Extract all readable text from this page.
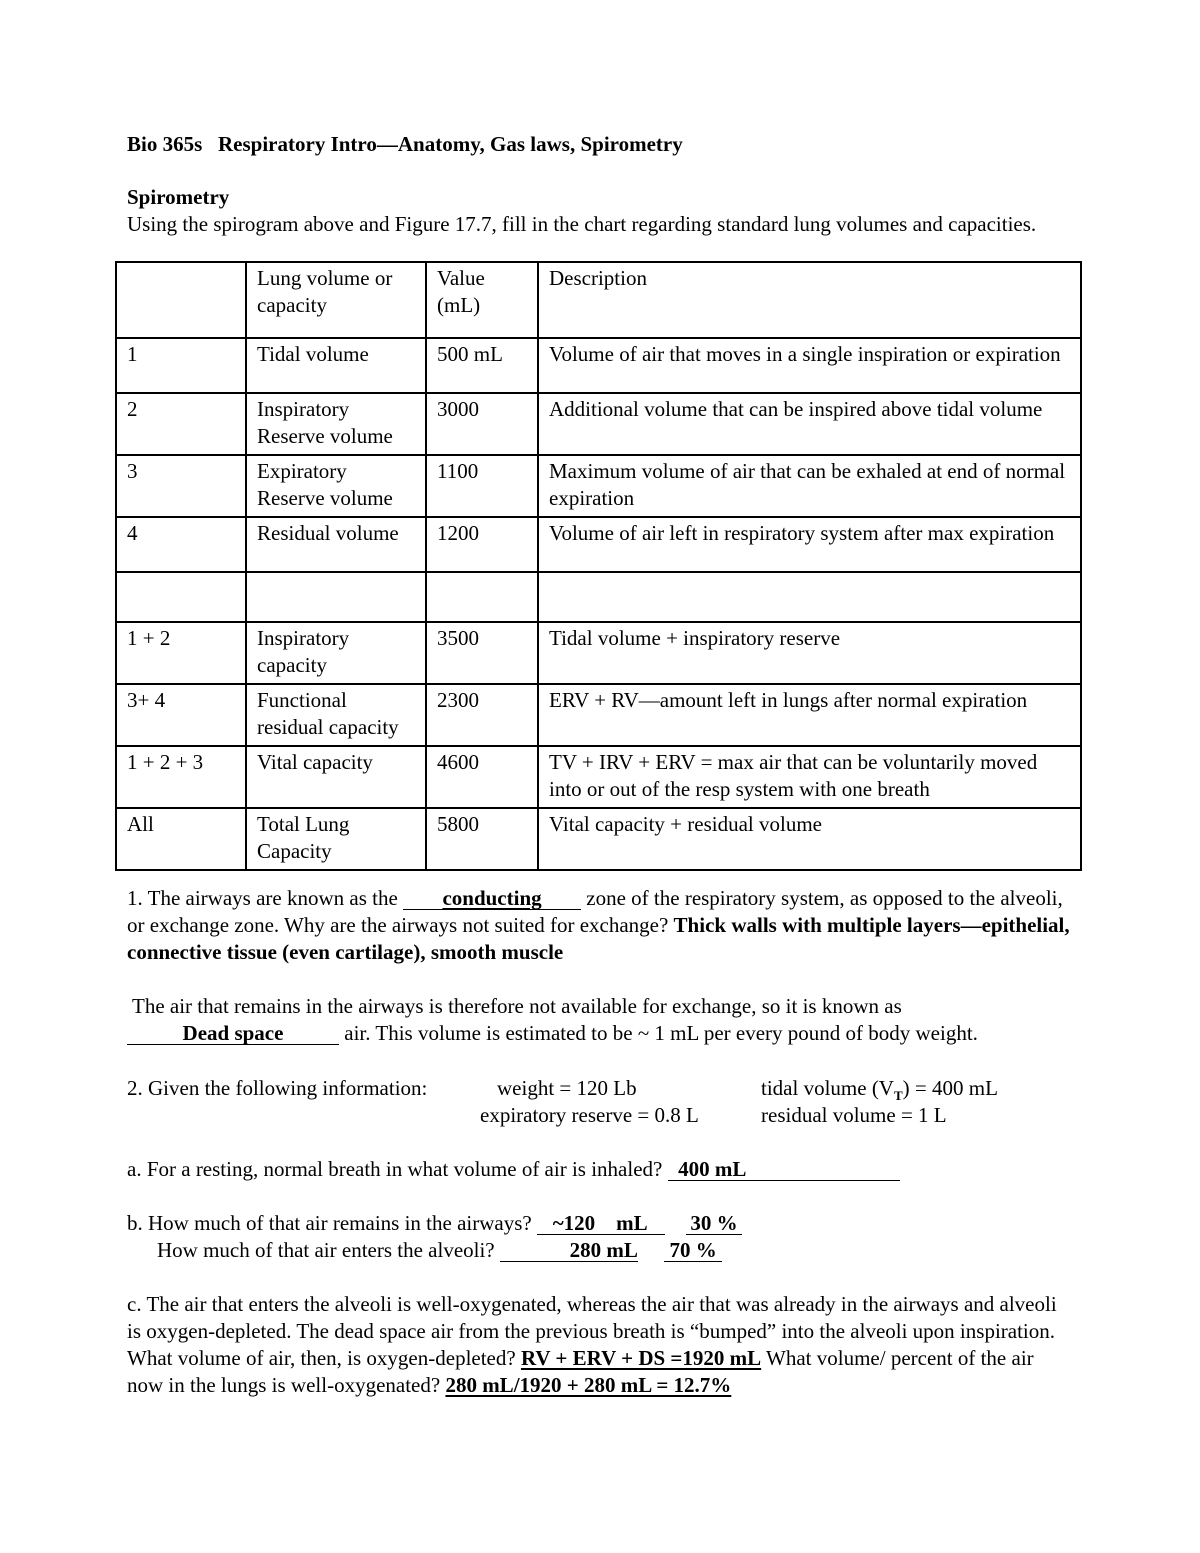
Bio 365s   Respiratory Intro—Anatomy, Gas laws, Spirometry
Spirometry
Using the spirogram above and Figure 17.7, fill in the chart regarding standard lung volumes and capacities.
	Lung volume or capacity	Value (mL)	Description
1	Tidal volume	500 mL	Volume of air that moves in a single inspiration or expiration
2	Inspiratory Reserve volume	3000	Additional volume that can be inspired above tidal volume
3	Expiratory Reserve volume	1100	Maximum volume of air that can be exhaled at end of normal expiration
4	Residual volume	1200	Volume of air left in respiratory system after max expiration

1 + 2	Inspiratory capacity	3500	Tidal volume + inspiratory reserve
3+ 4	Functional residual capacity	2300	ERV + RV—amount left in lungs after normal expiration
1 + 2 + 3	Vital capacity	4600	TV + IRV + ERV = max air that can be voluntarily moved into or out of the resp system with one breath
All	Total Lung Capacity	5800	Vital capacity + residual volume
1. The airways are known as the conducting zone of the respiratory system, as opposed to the alveoli, or exchange zone. Why are the airways not suited for exchange? Thick walls with multiple layers—epithelial, connective tissue (even cartilage), smooth muscle
The air that remains in the airways is therefore not available for exchange, so it is known as
Dead space	air. This volume is estimated to be ~ 1 mL per every pound of body weight.
2. Given the following information:	weight = 120 Lb	tidal volume $(V_T) = 400$ mL
expiratory reserve = 0.8 L	residual volume = 1 L
a. For a resting, normal breath in what volume of air is inhaled? 400 mL
b. How much of that air remains in the airways? ~120 mL 30 %
How much of that air enters the alveoli?	280 mL 70 %
c. The air that enters the alveoli is well-oxygenated, whereas the air that was already in the airways and alveoli is oxygen-depleted. The dead space air from the previous breath is “bumped” into the alveoli upon inspiration. What volume of air, then, is oxygen-depleted? RV + ERV + DS =1920 mL What volume/ percent of the air now in the lungs is well-oxygenated? 280 mL/1920 + 280 mL = 12.7%
